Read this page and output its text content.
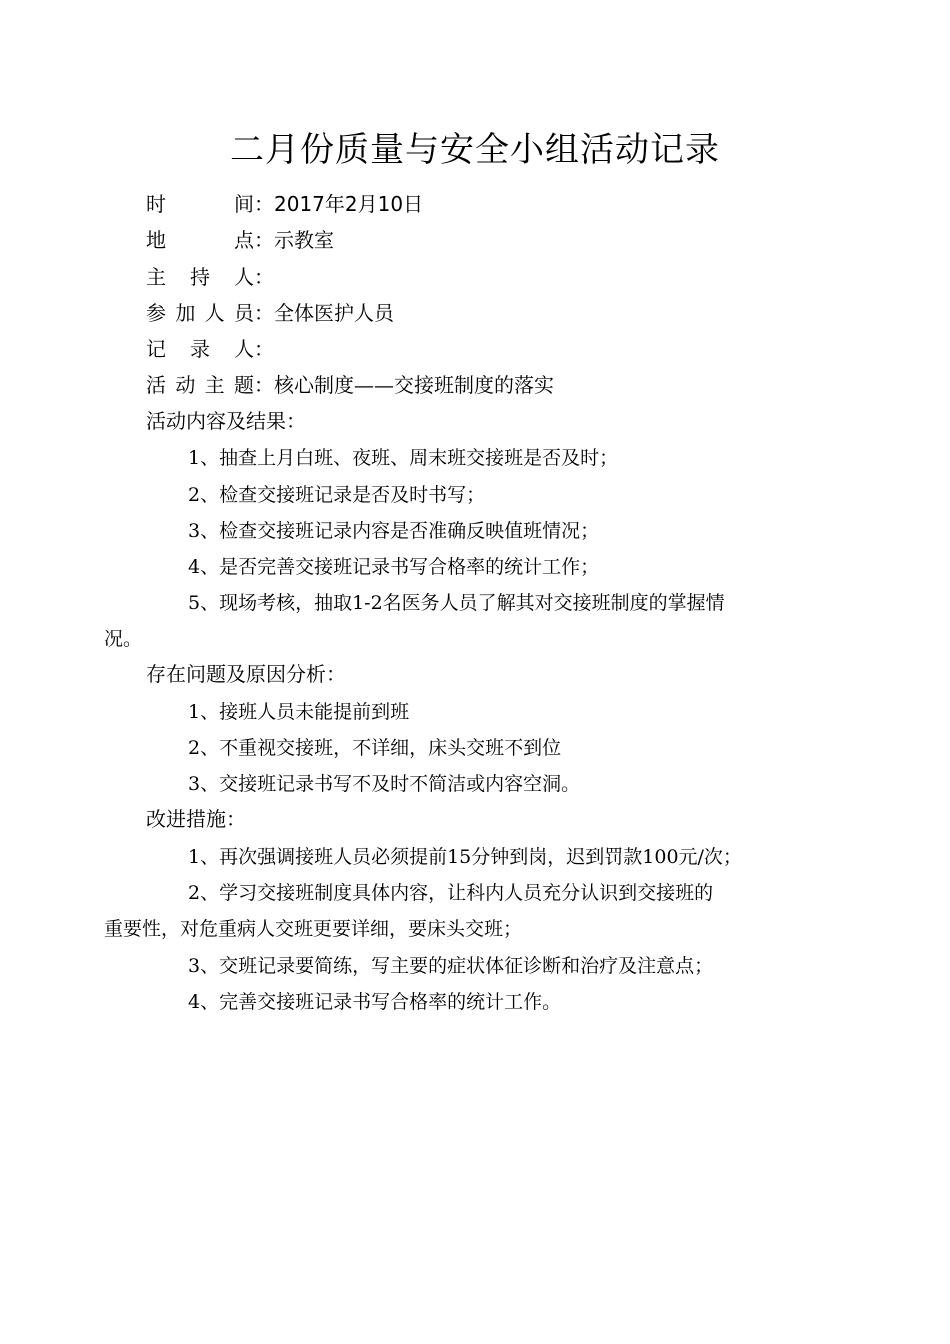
二月份质量与安全小组活动记录
时间：2017年2月10日
地点：示教室
主持人：
参加人员：全体医护人员
记录人：
活动主题：核心制度——交接班制度的落实
活动内容及结果：
1、抽查上月白班、夜班、周末班交接班是否及时；
2、检查交接班记录是否及时书写；
3、检查交接班记录内容是否准确反映值班情况；
4、是否完善交接班记录书写合格率的统计工作；
5、现场考核，抽取1-2名医务人员了解其对交接班制度的掌握情
况。
存在问题及原因分析：
1、接班人员未能提前到班
2、不重视交接班，不详细，床头交班不到位
3、交接班记录书写不及时不简洁或内容空洞。
改进措施：
1、再次强调接班人员必须提前15分钟到岗，迟到罚款100元/次；
2、学习交接班制度具体内容，让科内人员充分认识到交接班的
重要性，对危重病人交班更要详细，要床头交班；
3、交班记录要简练，写主要的症状体征诊断和治疗及注意点；
4、完善交接班记录书写合格率的统计工作。
